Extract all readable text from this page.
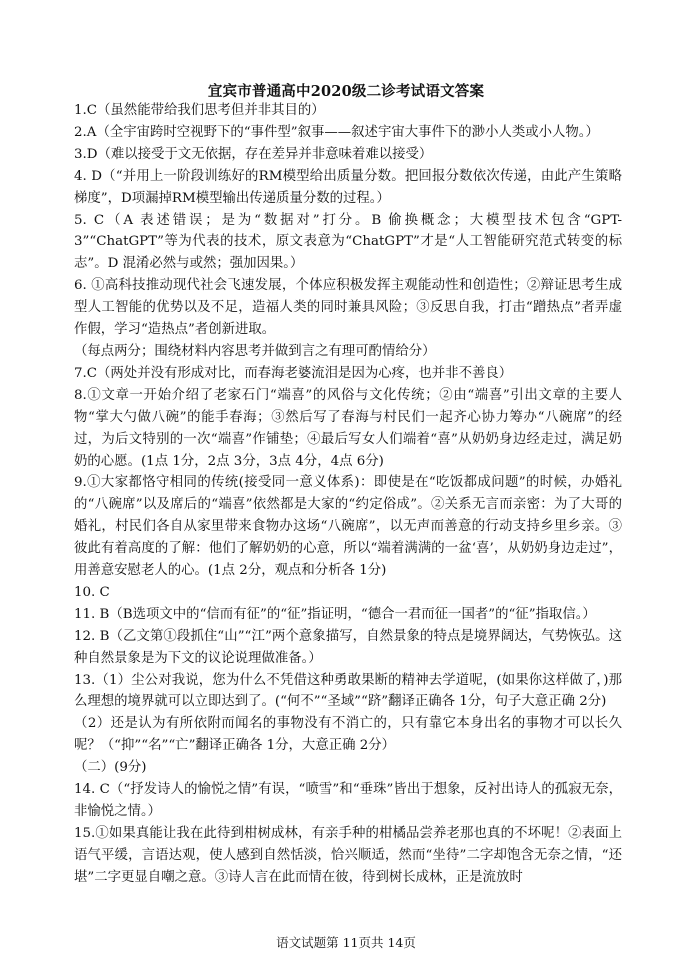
宜宾市普通高中2020级二诊考试语文答案

1.C（虽然能带给我们思考但并非其目的）

2.A（全宇宙跨时空视野下的“事件型”叙事——叙述宇宙大事件下的渺小人类或小人物。）

3.D（难以接受于文无依据，存在差异并非意味着难以接受）

4. D（“并用上一阶段训练好的RM模型给出质量分数。把回报分数依次传递，由此产生策略梯度”，D项漏掉RM模型输出传递质量分数的过程。）

5. C（A 表述错误；是为“数据对”打分。B 偷换概念；大模型技术包含“GPT-3”“ChatGPT”等为代表的技术，原文表意为“ChatGPT”才是“人工智能研究范式转变的标志”。D 混淆必然与或然；强加因果。）

6. ①高科技推动现代社会飞速发展，个体应积极发挥主观能动性和创造性；②辩证思考生成型人工智能的优势以及不足，造福人类的同时兼具风险；③反思自我，打击“蹭热点”者弄虚作假，学习“造热点”者创新进取。

（每点两分；围绕材料内容思考并做到言之有理可酌情给分）

7.C（两处并没有形成对比，而春海老婆流泪是因为心疼，也并非不善良）

8.①文章一开始介绍了老家石门“端喜”的风俗与文化传统；②由“端喜”引出文章的主要人物“掌大勺做八碗”的能手春海；③然后写了春海与村民们一起齐心协力筹办“八碗席”的经过，为后文特别的一次“端喜”作铺垫；④最后写女人们端着“喜”从奶奶身边经走过，满足奶奶的心愿。(1点 1分，2点 3分，3点 4分，4点 6分)

9.①大家都恪守相同的传统(接受同一意义体系)：即使是在“吃饭都成问题”的时候，办婚礼的“八碗席”以及席后的“端喜”依然都是大家的“约定俗成”。②关系无言而亲密：为了大哥的婚礼，村民们各自从家里带来食物办这场“八碗席”，以无声而善意的行动支持乡里乡亲。③彼此有着高度的了解：他们了解奶奶的心意，所以“端着满满的一盆‘喜’，从奶奶身边走过”，用善意安慰老人的心。(1点 2分，观点和分析各 1分)

10. C

11. B（B选项文中的“信而有征”的“征”指证明，“德合一君而征一国者”的“征”指取信。）

12. B（乙文第①段抓住“山”“江”两个意象描写，自然景象的特点是境界阔达，气势恢弘。这种自然景象是为下文的议论说理做准备。）

13.（1）尘公对我说，您为什么不凭借这种勇敢果断的精神去学道呢，(如果你这样做了，)那么理想的境界就可以立即达到了。(“何不”“圣域”“跻”翻译正确各 1分，句子大意正确 2分)

（2）还是认为有所依附而闻名的事物没有不消亡的，只有靠它本身出名的事物才可以长久呢？（“抑”“名”“亡”翻译正确各 1分，大意正确 2分）

（二）(9分)

14. C（“抒发诗人的愉悦之情”有误，“喷雪”和“垂珠”皆出于想象，反衬出诗人的孤寂无奈，非愉悦之情。）

15.①如果真能让我在此待到柑树成林，有亲手种的柑橘品尝养老那也真的不坏呢！②表面上语气平缓，言语达观，使人感到自然恬淡，恰兴顺适，然而“坐待”二字却饱含无奈之情，“还堪”二字更显自嘲之意。③诗人言在此而情在彼，待到树长成林，正是流放时

语文试题第 11页共 14页
